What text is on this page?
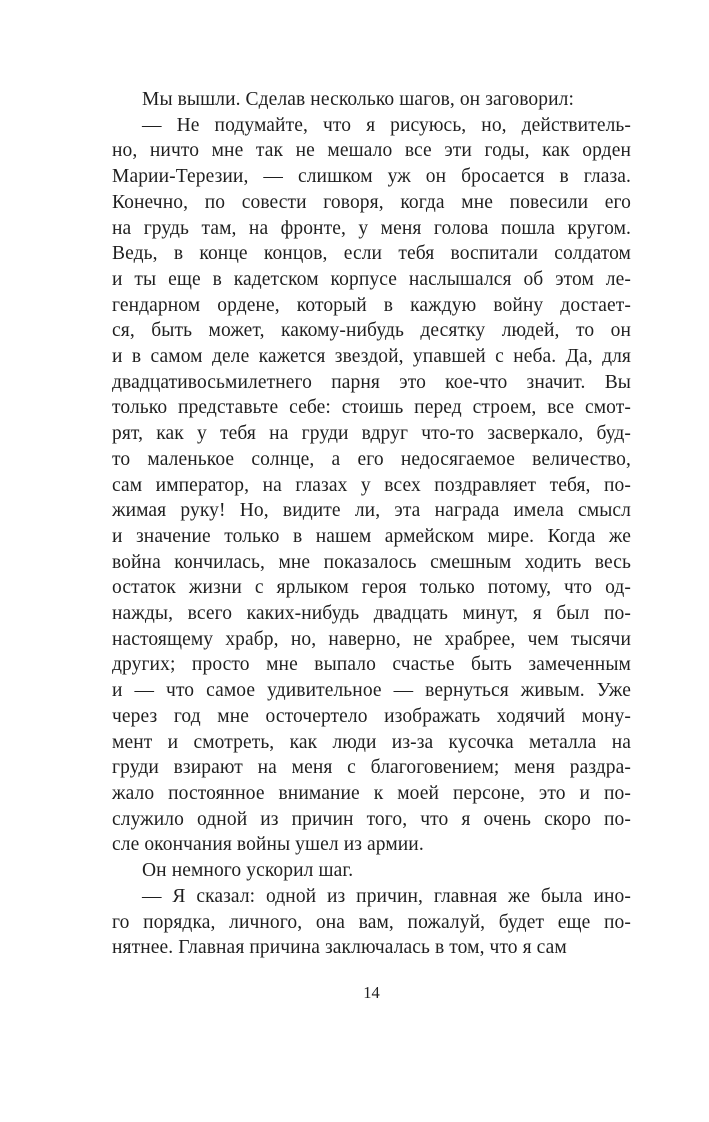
Мы вышли. Сделав несколько шагов, он заговорил:
— Не подумайте, что я рисуюсь, но, действитель-
но, ничто мне так не мешало все эти годы, как орден
Марии-Терезии, — слишком уж он бросается в глаза.
Конечно, по совести говоря, когда мне повесили его
на грудь там, на фронте, у меня голова пошла кругом.
Ведь, в конце концов, если тебя воспитали солдатом
и ты еще в кадетском корпусе наслышался об этом ле-
гендарном ордене, который в каждую войну достает-
ся, быть может, какому-нибудь десятку людей, то он
и в самом деле кажется звездой, упавшей с неба. Да, для
двадцативосьмилетнего парня это кое-что значит. Вы
только представьте себе: стоишь перед строем, все смот-
рят, как у тебя на груди вдруг что-то засверкало, буд-
то маленькое солнце, а его недосягаемое величество,
сам император, на глазах у всех поздравляет тебя, по-
жимая руку! Но, видите ли, эта награда имела смысл
и значение только в нашем армейском мире. Когда же
война кончилась, мне показалось смешным ходить весь
остаток жизни с ярлыком героя только потому, что од-
нажды, всего каких-нибудь двадцать минут, я был по-
настоящему храбр, но, наверно, не храбрее, чем тысячи
других; просто мне выпало счастье быть замеченным
и — что самое удивительное — вернуться живым. Уже
через год мне осточертело изображать ходячий мону-
мент и смотреть, как люди из-за кусочка металла на
груди взирают на меня с благоговением; меня раздра-
жало постоянное внимание к моей персоне, это и по-
служило одной из причин того, что я очень скоро по-
сле окончания войны ушел из армии.
Он немного ускорил шаг.
— Я сказал: одной из причин, главная же была ино-
го порядка, личного, она вам, пожалуй, будет еще по-
нятнее. Главная причина заключалась в том, что я сам
14
